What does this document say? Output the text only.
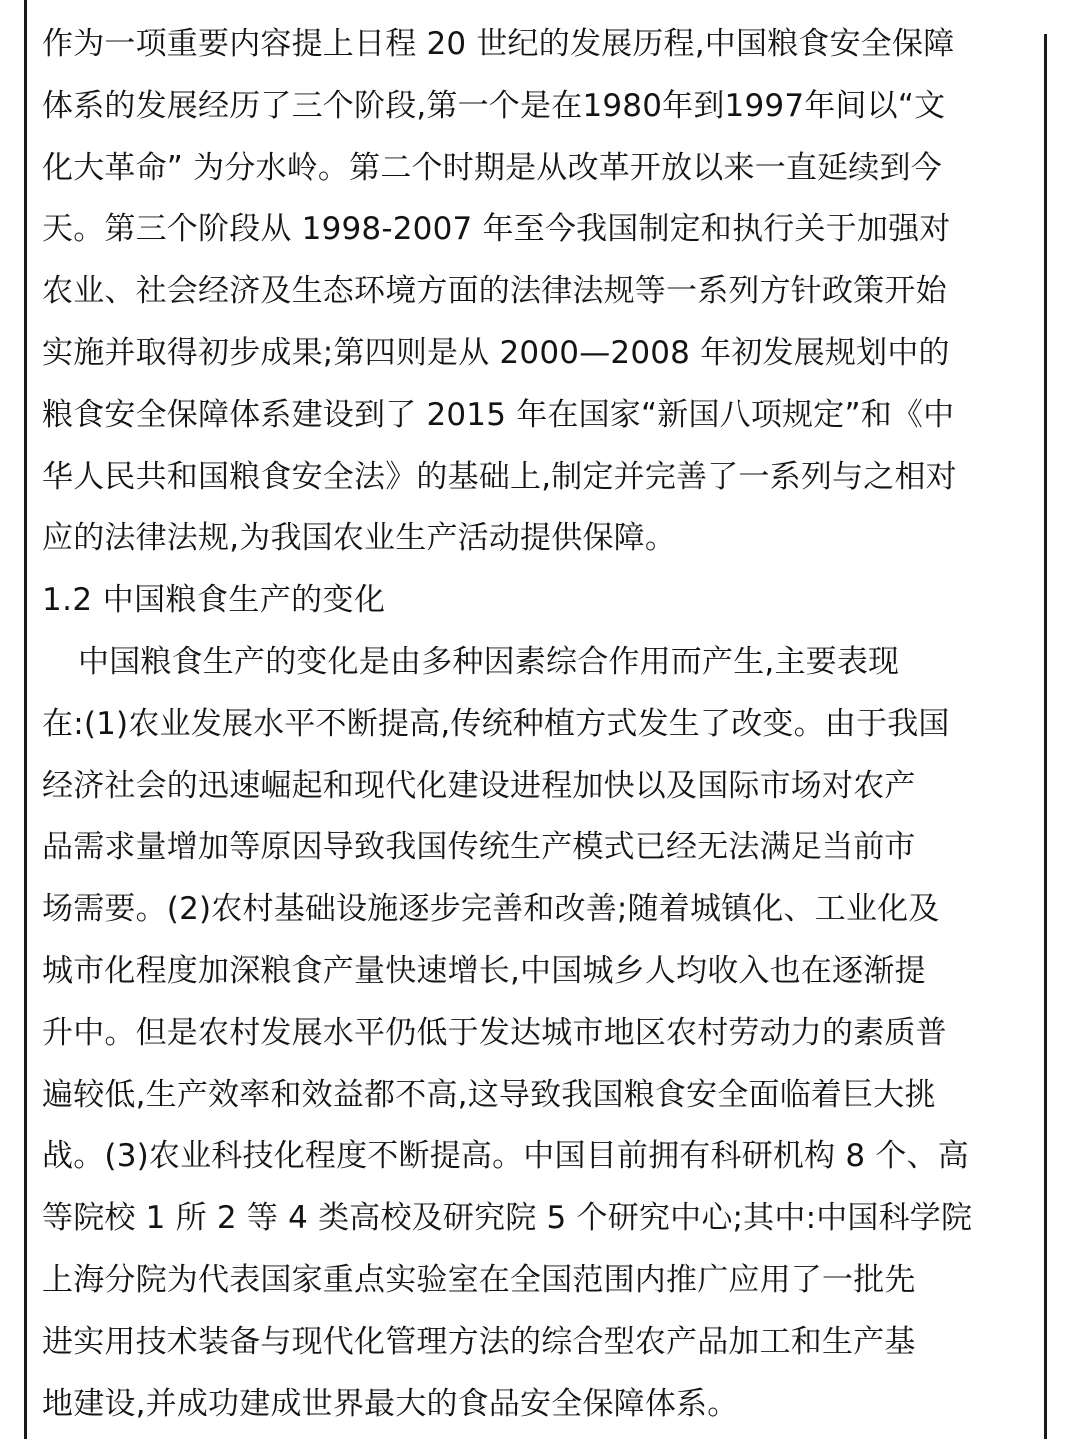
作为一项重要内容提上日程 20 世纪的发展历程,中国粮食安全保障
体系的发展经历了三个阶段,第一个是在1980年到1997年间以“文
化大革命” 为分水岭。第二个时期是从改革开放以来一直延续到今
天。第三个阶段从 1998-2007 年至今我国制定和执行关于加强对
农业、社会经济及生态环境方面的法律法规等一系列方针政策开始
实施并取得初步成果;第四则是从 2000—2008 年初发展规划中的
粮食安全保障体系建设到了 2015 年在国家“新国八项规定”和《中
华人民共和国粮食安全法》的基础上,制定并完善了一系列与之相对
应的法律法规,为我国农业生产活动提供保障。
1.2 中国粮食生产的变化
中国粮食生产的变化是由多种因素综合作用而产生,主要表现
在:(1)农业发展水平不断提高,传统种植方式发生了改变。由于我国
经济社会的迅速崛起和现代化建设进程加快以及国际市场对农产
品需求量增加等原因导致我国传统生产模式已经无法满足当前市
场需要。(2)农村基础设施逐步完善和改善;随着城镇化、工业化及
城市化程度加深粮食产量快速增长,中国城乡人均收入也在逐渐提
升中。但是农村发展水平仍低于发达城市地区农村劳动力的素质普
遍较低,生产效率和效益都不高,这导致我国粮食安全面临着巨大挑
战。(3)农业科技化程度不断提高。中国目前拥有科研机构 8 个、高
等院校 1 所 2 等 4 类高校及研究院 5 个研究中心;其中:中国科学院
上海分院为代表国家重点实验室在全国范围内推广应用了一批先
进实用技术装备与现代化管理方法的综合型农产品加工和生产基
地建设,并成功建成世界最大的食品安全保障体系。
